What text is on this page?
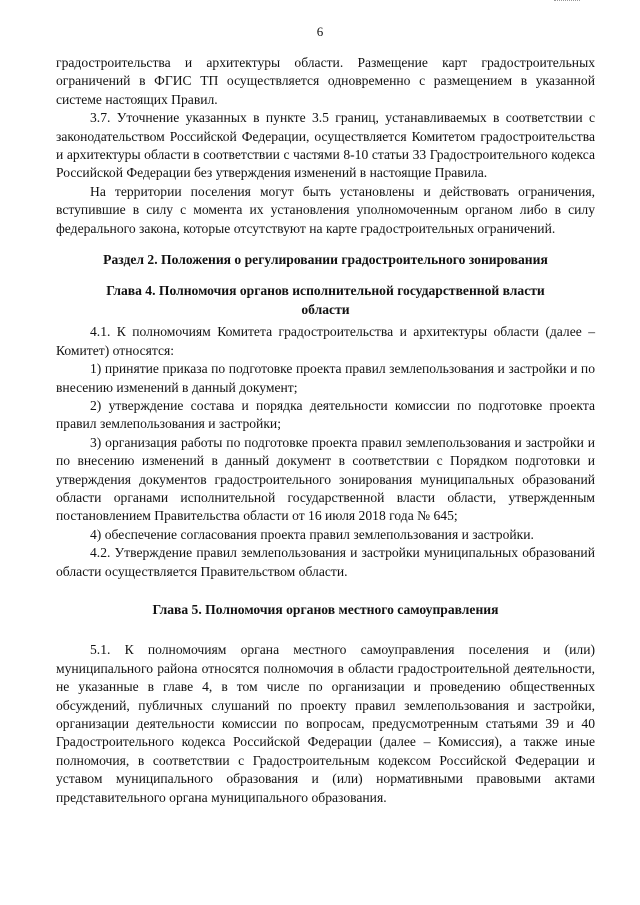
6

градостроительства и архитектуры области. Размещение карт градостроительных ограничений в ФГИС ТП осуществляется одновременно с размещением в указанной системе настоящих Правил.

3.7. Уточнение указанных в пункте 3.5 границ, устанавливаемых в соответствии с законодательством Российской Федерации, осуществляется Комитетом градостроительства и архитектуры области в соответствии с частями 8-10 статьи 33 Градостроительного кодекса Российской Федерации без утверждения изменений в настоящие Правила.

На территории поселения могут быть установлены и действовать ограничения, вступившие в силу с момента их установления уполномоченным органом либо в силу федерального закона, которые отсутствуют на карте градостроительных ограничений.

Раздел 2. Положения о регулировании градостроительного зонирования

Глава 4. Полномочия органов исполнительной государственной власти области

4.1. К полномочиям Комитета градостроительства и архитектуры области (далее – Комитет) относятся:

1) принятие приказа по подготовке проекта правил землепользования и застройки и по внесению изменений в данный документ;

2) утверждение состава и порядка деятельности комиссии по подготовке проекта правил землепользования и застройки;

3) организация работы по подготовке проекта правил землепользования и застройки и по внесению изменений в данный документ в соответствии с Порядком подготовки и утверждения документов градостроительного зонирования муниципальных образований области органами исполнительной государственной власти области, утвержденным постановлением Правительства области от 16 июля 2018 года № 645;

4) обеспечение согласования проекта правил землепользования и застройки.

4.2. Утверждение правил землепользования и застройки муниципальных образований области осуществляется Правительством области.

Глава 5. Полномочия органов местного самоуправления

5.1. К полномочиям органа местного самоуправления поселения и (или) муниципального района относятся полномочия в области градостроительной деятельности, не указанные в главе 4, в том числе по организации и проведению общественных обсуждений, публичных слушаний по проекту правил землепользования и застройки, организации деятельности комиссии по вопросам, предусмотренным статьями 39 и 40 Градостроительного кодекса Российской Федерации (далее – Комиссия), а также иные полномочия, в соответствии с Градостроительным кодексом Российской Федерации и уставом муниципального образования и (или) нормативными правовыми актами представительного органа муниципального образования.
